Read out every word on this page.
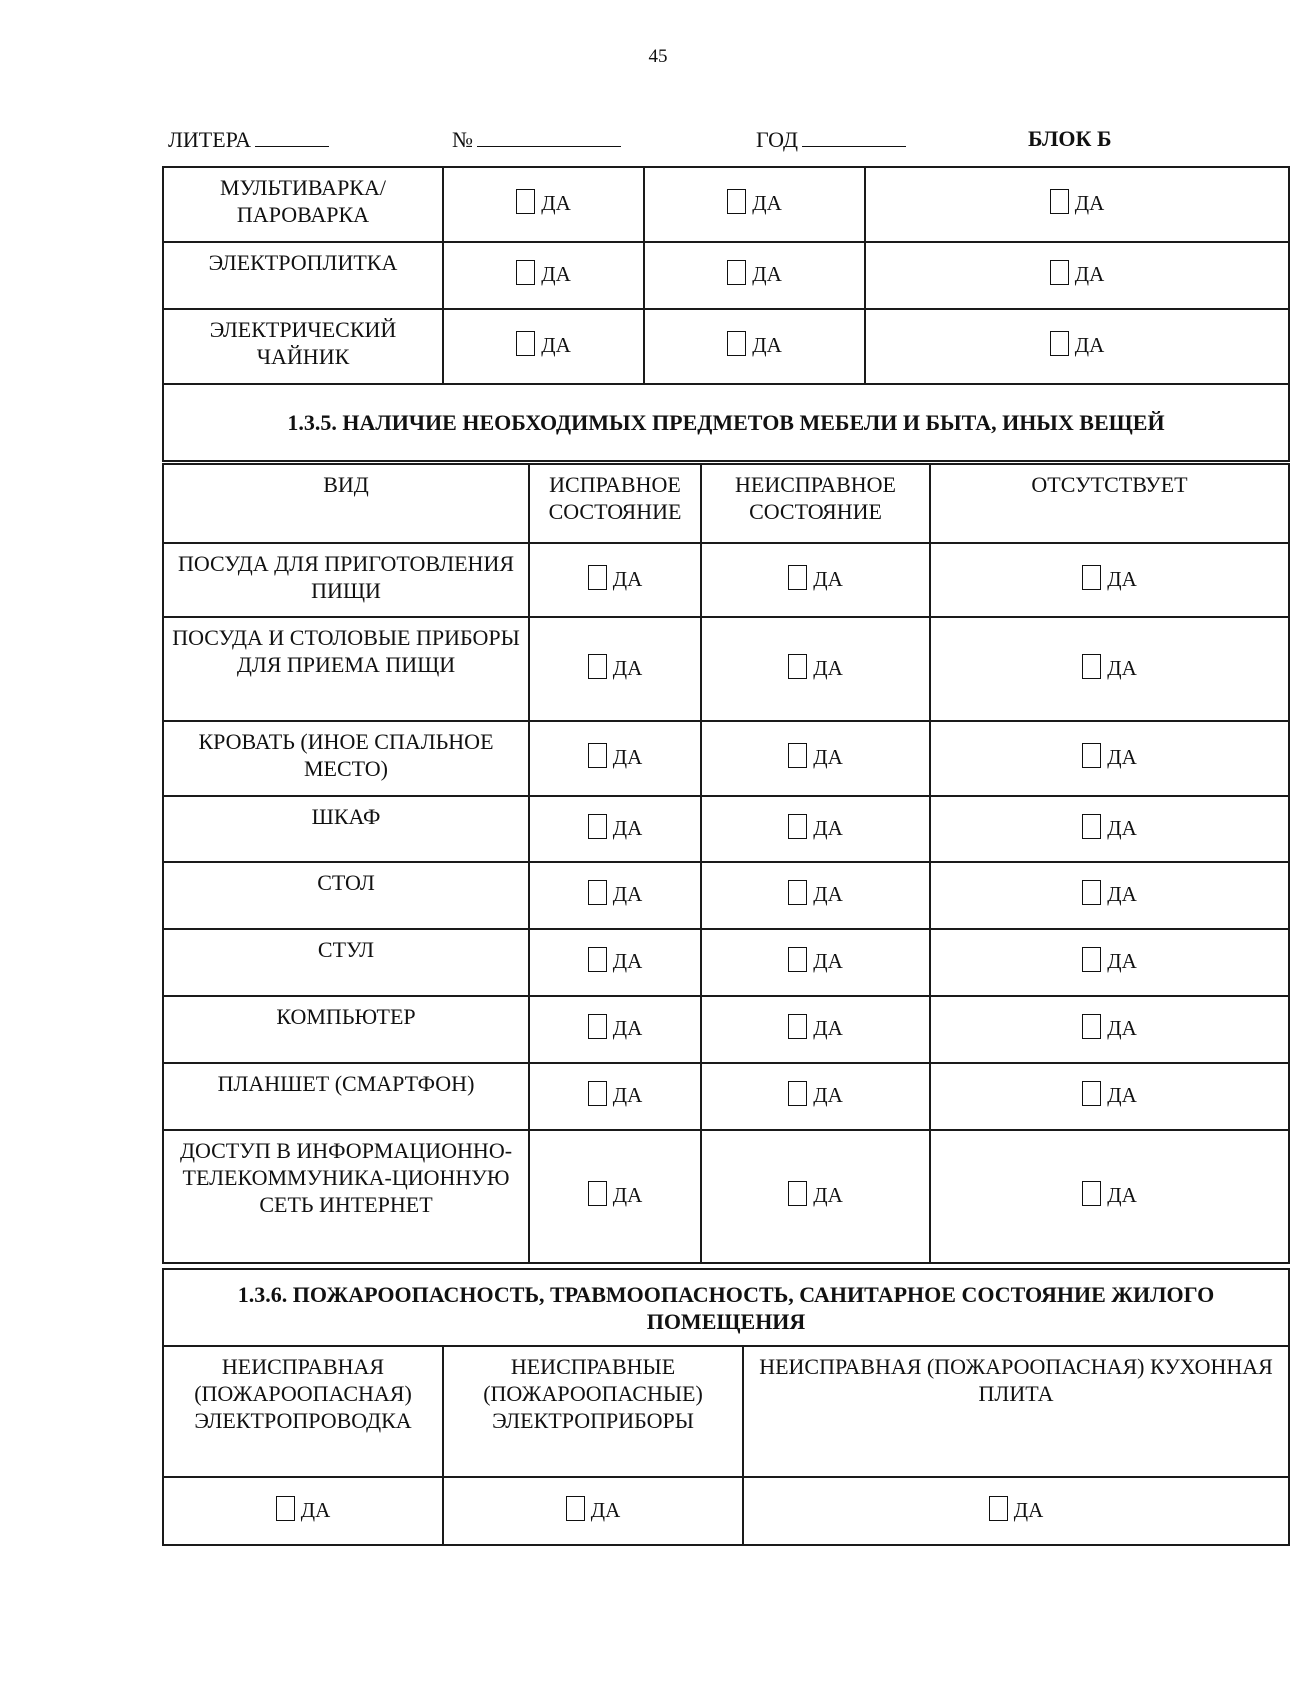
45
ЛИТЕРА	№	ГОД	БЛОК Б
МУЛЬТИВАРКА/ ПАРОВАРКА	ДА	ДА	ДА

ЭЛЕКТРОПЛИТКА	ДА	ДА	ДА

ЭЛЕКТРИЧЕСКИЙ ЧАЙНИК	ДА	ДА	ДА

1.3.5. НАЛИЧИЕ НЕОБХОДИМЫХ ПРЕДМЕТОВ МЕБЕЛИ И БЫТА, ИНЫХ ВЕЩЕЙ			
ВИД	ИСПРАВНОЕ СОСТОЯНИЕ	НЕИСПРАВНОЕ СОСТОЯНИЕ	ОТСУТСТВУЕТ
ПОСУДА ДЛЯ ПРИГОТОВЛЕНИЯ ПИЩИ	ДА	ДА	ДА

ПОСУДА И СТОЛОВЫЕ ПРИБОРЫ ДЛЯ ПРИЕМА ПИЩИ	ДА	ДА	ДА

КРОВАТЬ (ИНОЕ СПАЛЬНОЕ МЕСТО)	ДА	ДА	ДА

ШКАФ	ДА	ДА	ДА

СТОЛ	ДА	ДА	ДА

СТУЛ	ДА	ДА	ДА

КОМПЬЮТЕР	ДА	ДА	ДА

ПЛАНШЕТ (СМАРТФОН)	ДА	ДА	ДА

ДОСТУП В ИНФОРМАЦИОННО-ТЕЛЕКОММУНИКА-ЦИОННУЮ СЕТЬ ИНТЕРНЕТ	ДА	ДА	ДА
1.3.6. ПОЖАРООПАСНОСТЬ, ТРАВМООПАСНОСТЬ, САНИТАРНОЕ СОСТОЯНИЕ ЖИЛОГО ПОМЕЩЕНИЯ		
НЕИСПРАВНАЯ (ПОЖАРООПАСНАЯ) ЭЛЕКТРОПРОВОДКА	НЕИСПРАВНЫЕ (ПОЖАРООПАСНЫЕ) ЭЛЕКТРОПРИБОРЫ	НЕИСПРАВНАЯ (ПОЖАРООПАСНАЯ) КУХОННАЯ ПЛИТА

ДА	ДА	ДА
